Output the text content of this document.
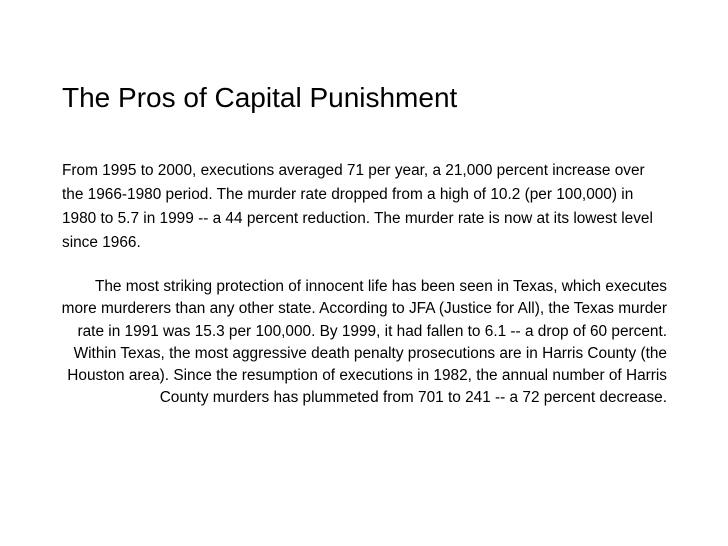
The Pros of Capital Punishment

From 1995 to 2000, executions averaged 71 per year, a 21,000 percent increase over the 1966-1980 period. The murder rate dropped from a high of 10.2 (per 100,000) in 1980 to 5.7 in 1999 -- a 44 percent reduction. The murder rate is now at its lowest level since 1966.

The most striking protection of innocent life has been seen in Texas, which executes more murderers than any other state. According to JFA (Justice for All), the Texas murder rate in 1991 was 15.3 per 100,000. By 1999, it had fallen to 6.1 -- a drop of 60 percent. Within Texas, the most aggressive death penalty prosecutions are in Harris County (the Houston area). Since the resumption of executions in 1982, the annual number of Harris County murders has plummeted from 701 to 241 -- a 72 percent decrease.
